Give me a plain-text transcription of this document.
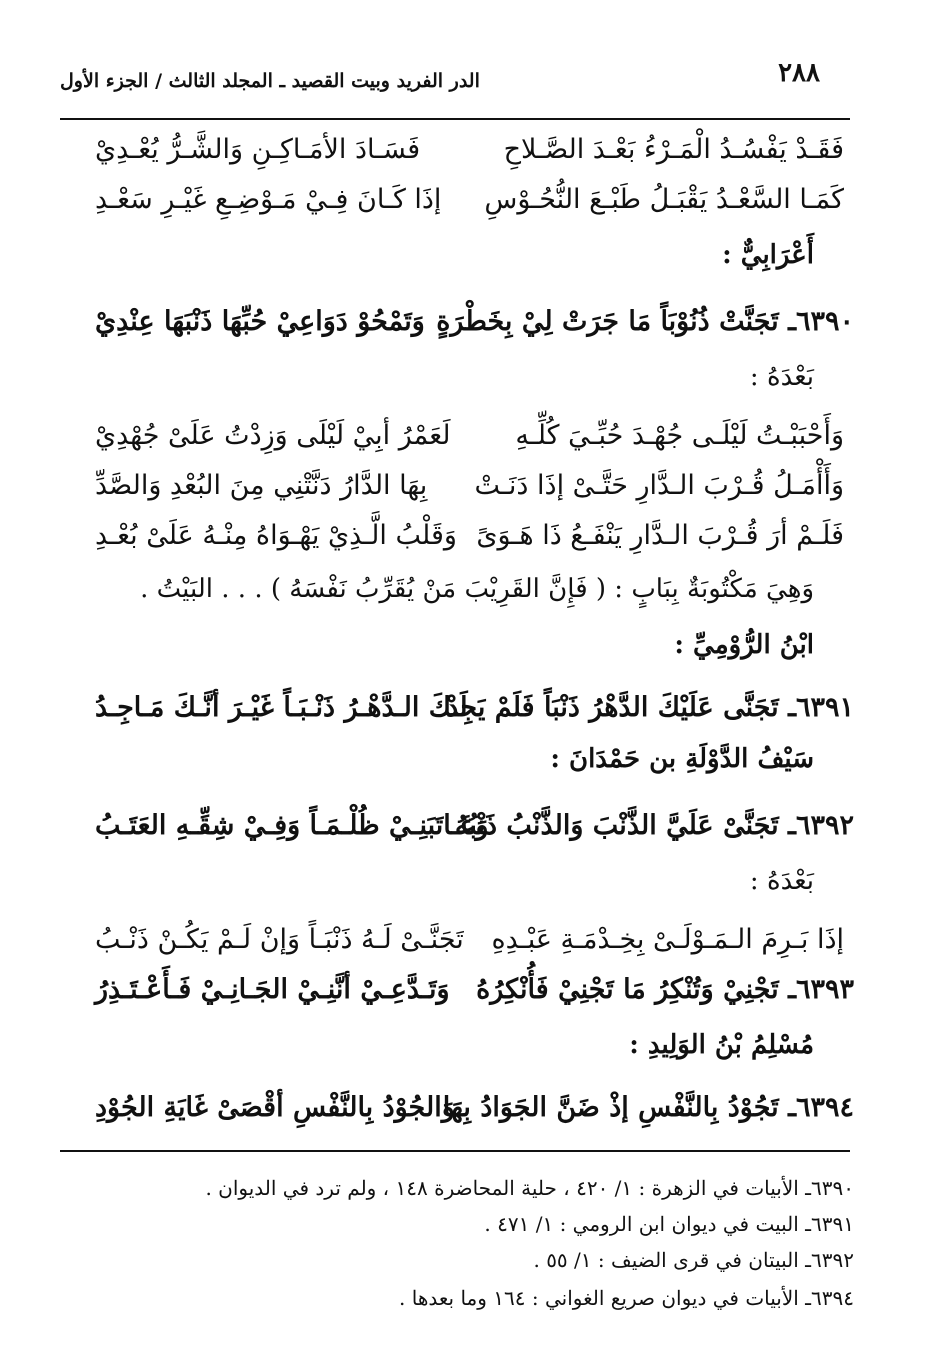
٢٨٨
الدر الفريد وبيت القصيد ـ المجلد الثالث / الجزء الأول
فَقَـدْ يَفْسُـدُ الْمَـرْءُ بَعْـدَ الصَّـلاحِ
فَسَـادَ الأمَـاكِـنِ وَالشَّـرُّ يُعْـدِيْ
كَمَـا السَّعْـدُ يَقْبَـلُ طَبْـعَ النُّحُـوْسِ
إذَا كَـانَ فِـيْ مَـوْضِـعِ غَيْـرِ سَعْـدِ
أَعْرَابِيٌّ :
٦٣٩٠ـ تَجَنَّتْ ذُنُوْبَاً مَا جَرَتْ لِيْ بِخَطْرَةٍ
وَتَمْحُوْ دَوَاعِيْ حُبِّهَا ذَنْبَهَا عِنْدِيْ
بَعْدَهُ :
وَأَحْبَبْـتُ لَيْلَـى جُهْـدَ حُبِّـيَ كُلِّـهِ
لَعَمْرُ أبِيْ لَيْلَى وَزِدْتُ عَلَىْ جُهْدِيْ
وَأَأْمَـلُ قُـرْبَ الـدَّارِ حَتَّـىْ إذَا دَنَـتْ
بِهَا الدَّارُ دَنَّتْنِي مِنَ البُعْدِ وَالصَّدِّ
فَلَـمْ أرَ قُـرْبَ الـدَّارِ يَنْفَـعُ ذَا هَـوَىً
وَقَلْبُ الَّـذِيْ يَهْـوَاهُ مِنْـهُ عَلَىْ بُعْـدِ
وَهِيَ مَكْتُوبَةٌ بِبَابٍ : ( فَإِنَّ القَرِيْبَ مَنْ يُقَرِّبُ نَفْسَهُ ) . . . البَيْتُ .
ابْنُ الرُّوْمِيِّ :
٦٣٩١ـ تَجَنَّى عَلَيْكَ الدَّهْرُ ذَنْبَاً فَلَمْ يَجِدْ
لَـكَ الـدَّهْـرُ ذَنْـبَـاً غَيْـرَ أنَّـكَ مَـاجِـدُ
سَيْفُ الدَّوْلَةِ بن حَمْدَانَ :
٦٣٩٢ـ تَجَنَّىْ عَلَيَّ الذَّنْبَ وَالذَّنْبُ ذَنْبُهُ
وَعَـاتَبَنِـيْ ظُلْـمَـاً وَفِـيْ شِقِّـهِ العَتَـبُ
بَعْدَهُ :
إذَا بَـرِمَ الـمَـوْلَـىْ بِخِـدْمَـةِ عَبْـدِهِ
تَجَنَّـىْ لَـهُ ذَنْبَـاً وَإنْ لَـمْ يَكُـنْ ذَنْـبُ
٦٣٩٣ـ تَجْنِيْ وَتُنْكِرُ مَا تَجْنِيْ فَأُنْكِرُهُ
وَتَـدَّعِـيْ أنَّنِـيْ الجَـانِـيْ فَـأَعْـتَـذِرُ
مُسْلِمُ بْنُ الوَلِيدِ :
٦٣٩٤ـ تَجُوْدُ بِالنَّفْسِ إذْ ضَنَّ الجَوَادُ بِهَا
وَالجُوْدُ بِالنَّفْسِ أقْصَىْ غَايَةِ الجُوْدِ
٦٣٩٠ـ الأبيات في الزهرة : ١/ ٤٢٠ ، حلية المحاضرة ١٤٨ ، ولم ترد في الديوان .
٦٣٩١ـ البيت في ديوان ابن الرومي : ١/ ٤٧١ .
٦٣٩٢ـ البيتان في قرى الضيف : ١/ ٥٥ .
٦٣٩٤ـ الأبيات في ديوان صريع الغواني : ١٦٤ وما بعدها .
